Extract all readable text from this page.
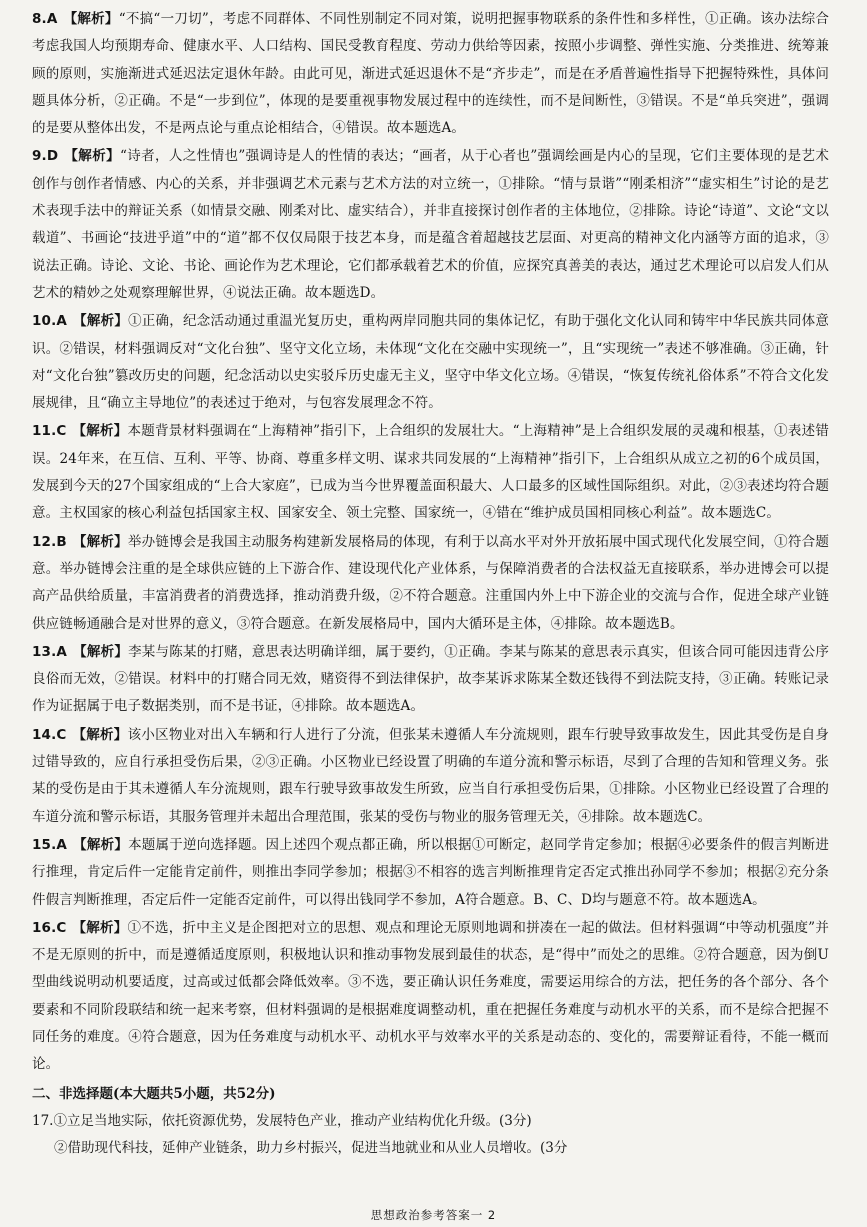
8.A 【解析】“不搞“一刀切”，考虑不同群体、不同性别制定不同对策，说明把握事物联系的条件性和多样性，①正确。该办法综合考虑我国人均预期寿命、健康水平、人口结构、国民受教育程度、劳动力供给等因素，按照小步调整、弹性实施、分类推进、统筹兼顾的原则，实施渐进式延迟法定退休年龄。由此可见，渐进式延迟退休不是“齐步走”，而是在矛盾普遍性指导下把握特殊性，具体问题具体分析，②正确。不是“一步到位”，体现的是要重视事物发展过程中的连续性，而不是间断性，③错误。不是“单兵突进”，强调的是要从整体出发，不是两点论与重点论相结合，④错误。故本题选A。

9.D 【解析】“诗者，人之性情也”强调诗是人的性情的表达；“画者，从于心者也”强调绘画是内心的呈现，它们主要体现的是艺术创作与创作者情感、内心的关系，并非强调艺术元素与艺术方法的对立统一，①排除。“情与景谐”“刚柔相济”“虚实相生”讨论的是艺术表现手法中的辩证关系（如情景交融、刚柔对比、虚实结合），并非直接探讨创作者的主体地位，②排除。诗论“诗道”、文论“文以载道”、书画论“技进乎道”中的“道”都不仅仅局限于技艺本身，而是蕴含着超越技艺层面、对更高的精神文化内涵等方面的追求，③说法正确。诗论、文论、书论、画论作为艺术理论，它们都承载着艺术的价值，应探究真善美的表达，通过艺术理论可以启发人们从艺术的精妙之处观察理解世界，④说法正确。故本题选D。

10.A 【解析】①正确，纪念活动通过重温光复历史，重构两岸同胞共同的集体记忆，有助于强化文化认同和铸牢中华民族共同体意识。②错误，材料强调反对“文化台独”、坚守文化立场，未体现“文化在交融中实现统一”，且“实现统一”表述不够准确。③正确，针对“文化台独”篡改历史的问题，纪念活动以史实驳斥历史虚无主义，坚守中华文化立场。④错误，“恢复传统礼俗体系”不符合文化发展规律，且“确立主导地位”的表述过于绝对，与包容发展理念不符。

11.C 【解析】本题背景材料强调在“上海精神”指引下，上合组织的发展壮大。“上海精神”是上合组织发展的灵魂和根基，①表述错误。24年来，在互信、互利、平等、协商、尊重多样文明、谋求共同发展的“上海精神”指引下，上合组织从成立之初的6个成员国，发展到今天的27个国家组成的“上合大家庭”，已成为当今世界覆盖面积最大、人口最多的区域性国际组织。对此，②③表述均符合题意。主权国家的核心利益包括国家主权、国家安全、领土完整、国家统一，④错在“维护成员国相同核心利益”。故本题选C。

12.B 【解析】举办链博会是我国主动服务构建新发展格局的体现，有利于以高水平对外开放拓展中国式现代化发展空间，①符合题意。举办链博会注重的是全球供应链的上下游合作、建设现代化产业体系，与保障消费者的合法权益无直接联系，举办进博会可以提高产品供给质量，丰富消费者的消费选择，推动消费升级，②不符合题意。注重国内外上中下游企业的交流与合作，促进全球产业链供应链畅通融合是对世界的意义，③符合题意。在新发展格局中，国内大循环是主体，④排除。故本题选B。

13.A 【解析】李某与陈某的打赌，意思表达明确详细，属于要约，①正确。李某与陈某的意思表示真实，但该合同可能因违背公序良俗而无效，②错误。材料中的打赌合同无效，赌资得不到法律保护，故李某诉求陈某全数还钱得不到法院支持，③正确。转账记录作为证据属于电子数据类别，而不是书证，④排除。故本题选A。

14.C 【解析】该小区物业对出入车辆和行人进行了分流，但张某未遵循人车分流规则，跟车行驶导致事故发生，因此其受伤是自身过错导致的，应自行承担受伤后果，②③正确。小区物业已经设置了明确的车道分流和警示标语，尽到了合理的告知和管理义务。张某的受伤是由于其未遵循人车分流规则，跟车行驶导致事故发生所致，应当自行承担受伤后果，①排除。小区物业已经设置了合理的车道分流和警示标语，其服务管理并未超出合理范围，张某的受伤与物业的服务管理无关，④排除。故本题选C。

15.A 【解析】本题属于逆向选择题。因上述四个观点都正确，所以根据①可断定，赵同学肯定参加；根据④必要条件的假言判断进行推理，肯定后件一定能肯定前件，则推出李同学参加；根据③不相容的选言判断推理肯定否定式推出孙同学不参加；根据②充分条件假言判断推理，否定后件一定能否定前件，可以得出钱同学不参加，A符合题意。B、C、D均与题意不符。故本题选A。

16.C 【解析】①不选，折中主义是企图把对立的思想、观点和理论无原则地调和拼凑在一起的做法。但材料强调“中等动机强度”并不是无原则的折中，而是遵循适度原则，积极地认识和推动事物发展到最佳的状态，是“得中”而处之的思维。②符合题意，因为倒U型曲线说明动机要适度，过高或过低都会降低效率。③不选，要正确认识任务难度，需要运用综合的方法，把任务的各个部分、各个要素和不同阶段联结和统一起来考察，但材料强调的是根据难度调整动机，重在把握任务难度与动机水平的关系，而不是综合把握不同任务的难度。④符合题意，因为任务难度与动机水平、动机水平与效率水平的关系是动态的、变化的，需要辩证看待，不能一概而论。

二、非选择题(本大题共5小题，共52分)

17.①立足当地实际，依托资源优势，发展特色产业，推动产业结构优化升级。(3分)

②借助现代科技，延伸产业链条，助力乡村振兴，促进当地就业和从业人员增收。(3分

思想政治参考答案一 2
